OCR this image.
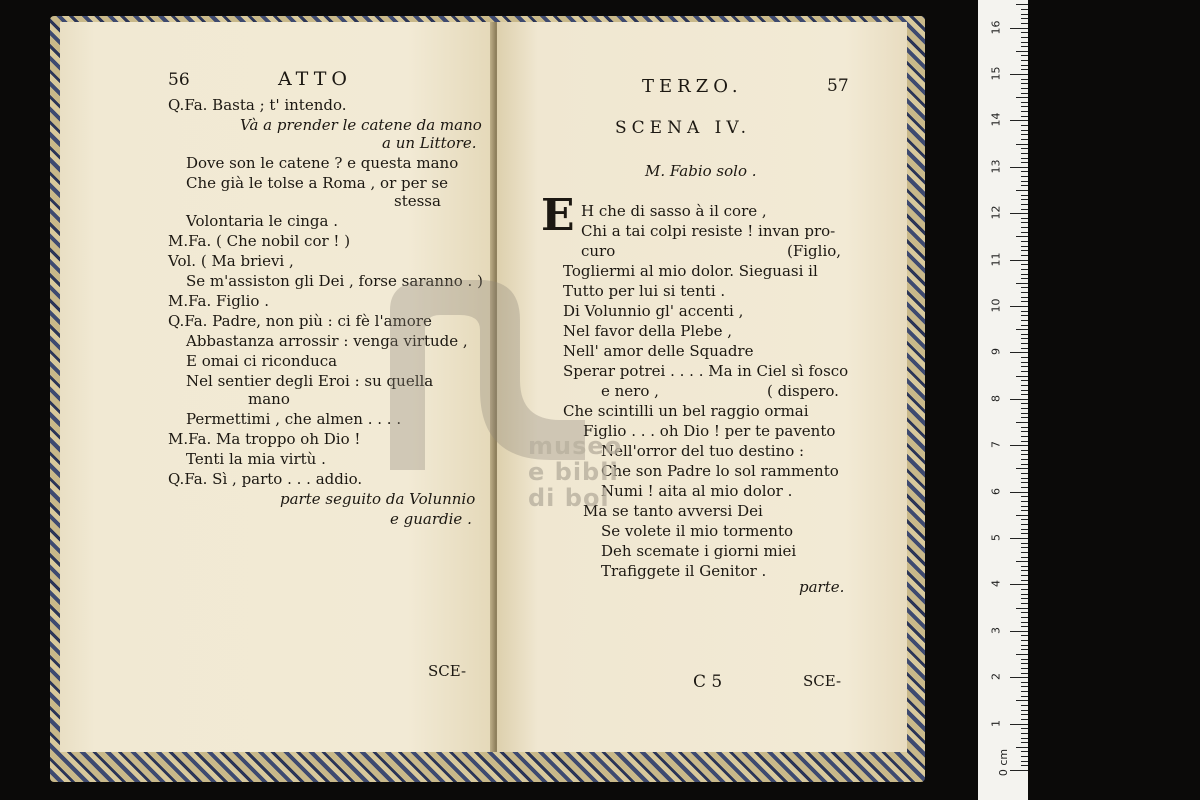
56	ATTO
Q.Fa. Basta ; t' intendo.
Và a prender le catene da mano
a un Littore.
Dove son le catene ? e questa mano
Che già le tolse a Roma , or per se
stessa
Volontaria le cinga .
M.Fa. ( Che nobil cor ! )
Vol. ( Ma brievi ,
Se m'assiston gli Dei , forse saranno . )
M.Fa. Figlio .
Q.Fa. Padre, non più : ci fè l'amore
Abbastanza arrossir : venga virtude ,
E omai ci riconduca
Nel sentier degli Eroi : su quella
mano
Permettimi , che almen . . . .
M.Fa. Ma troppo oh Dio !
Tenti la mia virtù .
Q.Fa. Sì , parto . . . addio.
parte seguito da Volunnio
e guardie .
SCE-
TERZO.	57
SCENA IV.
M. Fabio solo .
E H che di sasso à il core ,
Chi a tai colpi resiste ! invan pro-
curo	(Figlio,
Togliermi al mio dolor. Sieguasi il
Tutto per lui si tenti .
Di Volunnio gl' accenti ,
Nel favor della Plebe ,
Nell' amor delle Squadre
Sperar potrei . . . . Ma in Ciel sì fosco
e nero ,	( dispero.
Che scintilli un bel raggio ormai
Figlio . . . oh Dio ! per te pavento
Nell'orror del tuo destino :
Che son Padre lo sol rammento
Numi ! aita al mio dolor .
Ma se tanto avversi Dei
Se volete il mio tormento
Deh scemate i giorni miei
Trafiggete il Genitor .
parte.
C 5	SCE-
museo
e bibli
di bol
0 cm
1
2
3
4
5
6
7
8
9
10
11
12
13
14
15
16
